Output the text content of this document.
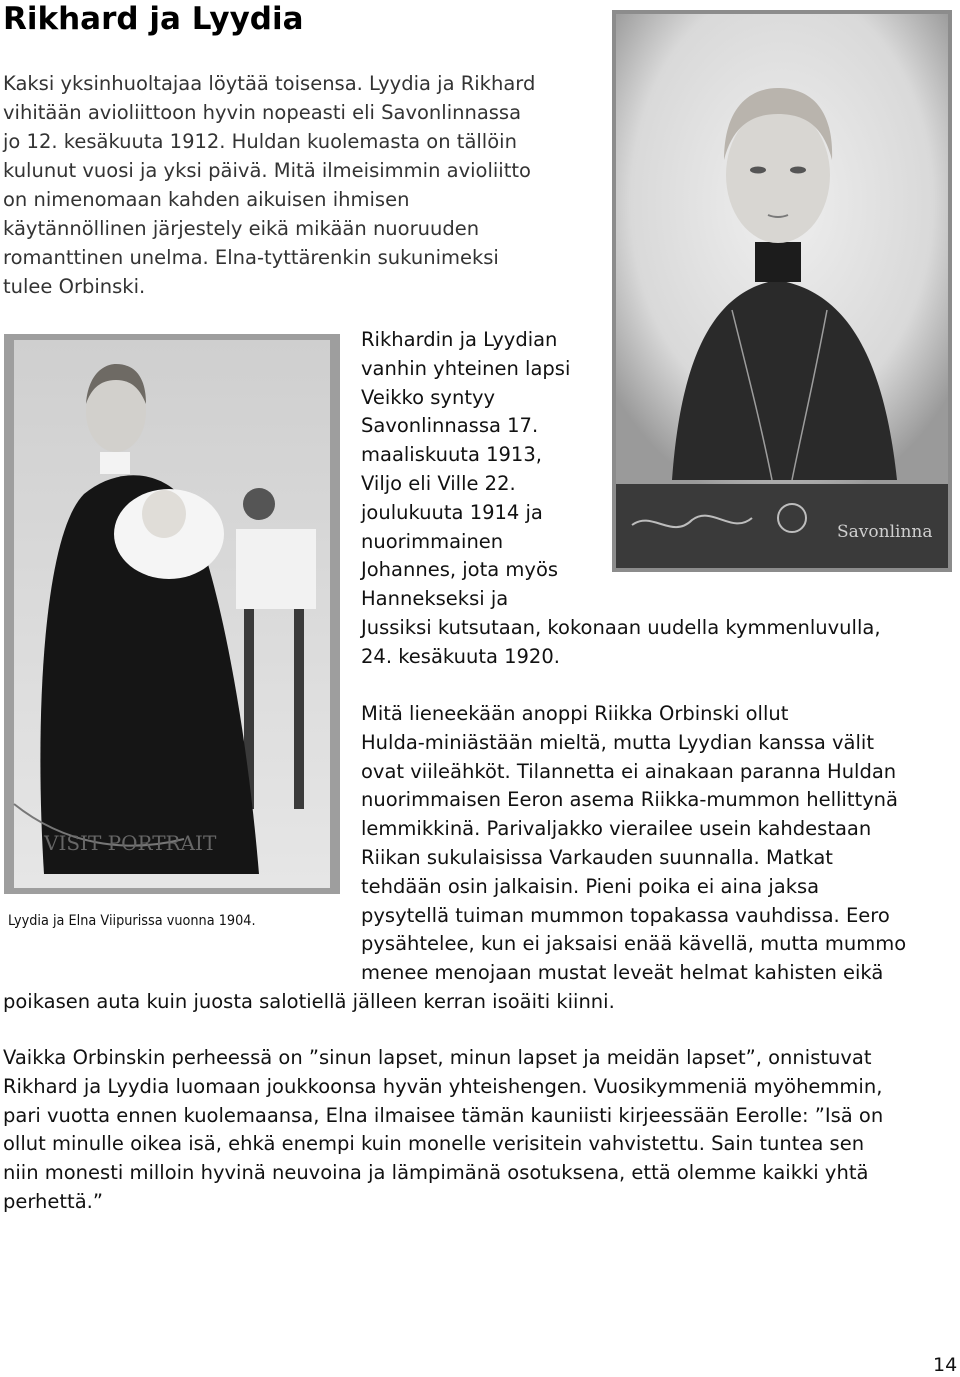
Rikhard ja Lyydia
Kaksi yksinhuoltajaa löytää toisensa. Lyydia ja Rikhard
vihitään avioliittoon hyvin nopeasti eli Savonlinnassa
jo 12. kesäkuuta 1912. Huldan kuolemasta on tällöin
kulunut vuosi ja yksi päivä. Mitä ilmeisimmin avioliitto
on nimenomaan kahden aikuisen ihmisen
käytännöllinen järjestely eikä mikään nuoruuden
romanttinen unelma. Elna-tyttärenkin sukunimeksi
tulee Orbinski.
Savonlinna
Rikhardin ja Lyydian
vanhin yhteinen lapsi
Veikko syntyy
Savonlinnassa 17.
maaliskuuta 1913,
Viljo eli Ville 22.
joulukuuta 1914 ja
nuorimmainen
Johannes, jota myös
Hannekseksi ja
Jussiksi kutsutaan, kokonaan uudella kymmenluvulla,
24. kesäkuuta 1920.
VISIT PORTRAIT
Lyydia ja Elna Viipurissa vuonna 1904.
Mitä lieneekään anoppi Riikka Orbinski ollut
Hulda-miniästään mieltä, mutta Lyydian kanssa välit
ovat viileähköt. Tilannetta ei ainakaan paranna Huldan
nuorimmaisen Eeron asema Riikka-mummon hellittynä
lemmikkinä. Parivaljakko vierailee usein kahdestaan
Riikan sukulaisissa Varkauden suunnalla. Matkat
tehdään osin jalkaisin. Pieni poika ei aina jaksa
pysytellä tuiman mummon topakassa vauhdissa. Eero
pysähtelee, kun ei jaksaisi enää kävellä, mutta mummo
menee menojaan mustat leveät helmat kahisten eikä
poikasen auta kuin juosta salotiellä jälleen kerran isoäiti kiinni.
Vaikka Orbinskin perheessä on ”sinun lapset, minun lapset ja meidän lapset”, onnistuvat
Rikhard ja Lyydia luomaan joukkoonsa hyvän yhteishengen. Vuosikymmeniä myöhemmin,
pari vuotta ennen kuolemaansa, Elna ilmaisee tämän kauniisti kirjeessään Eerolle: ”Isä on
ollut minulle oikea isä, ehkä enempi kuin monelle verisitein vahvistettu. Sain tuntea sen
niin monesti milloin hyvinä neuvoina ja lämpimänä osotuksena, että olemme kaikki yhtä
perhettä.”
14
